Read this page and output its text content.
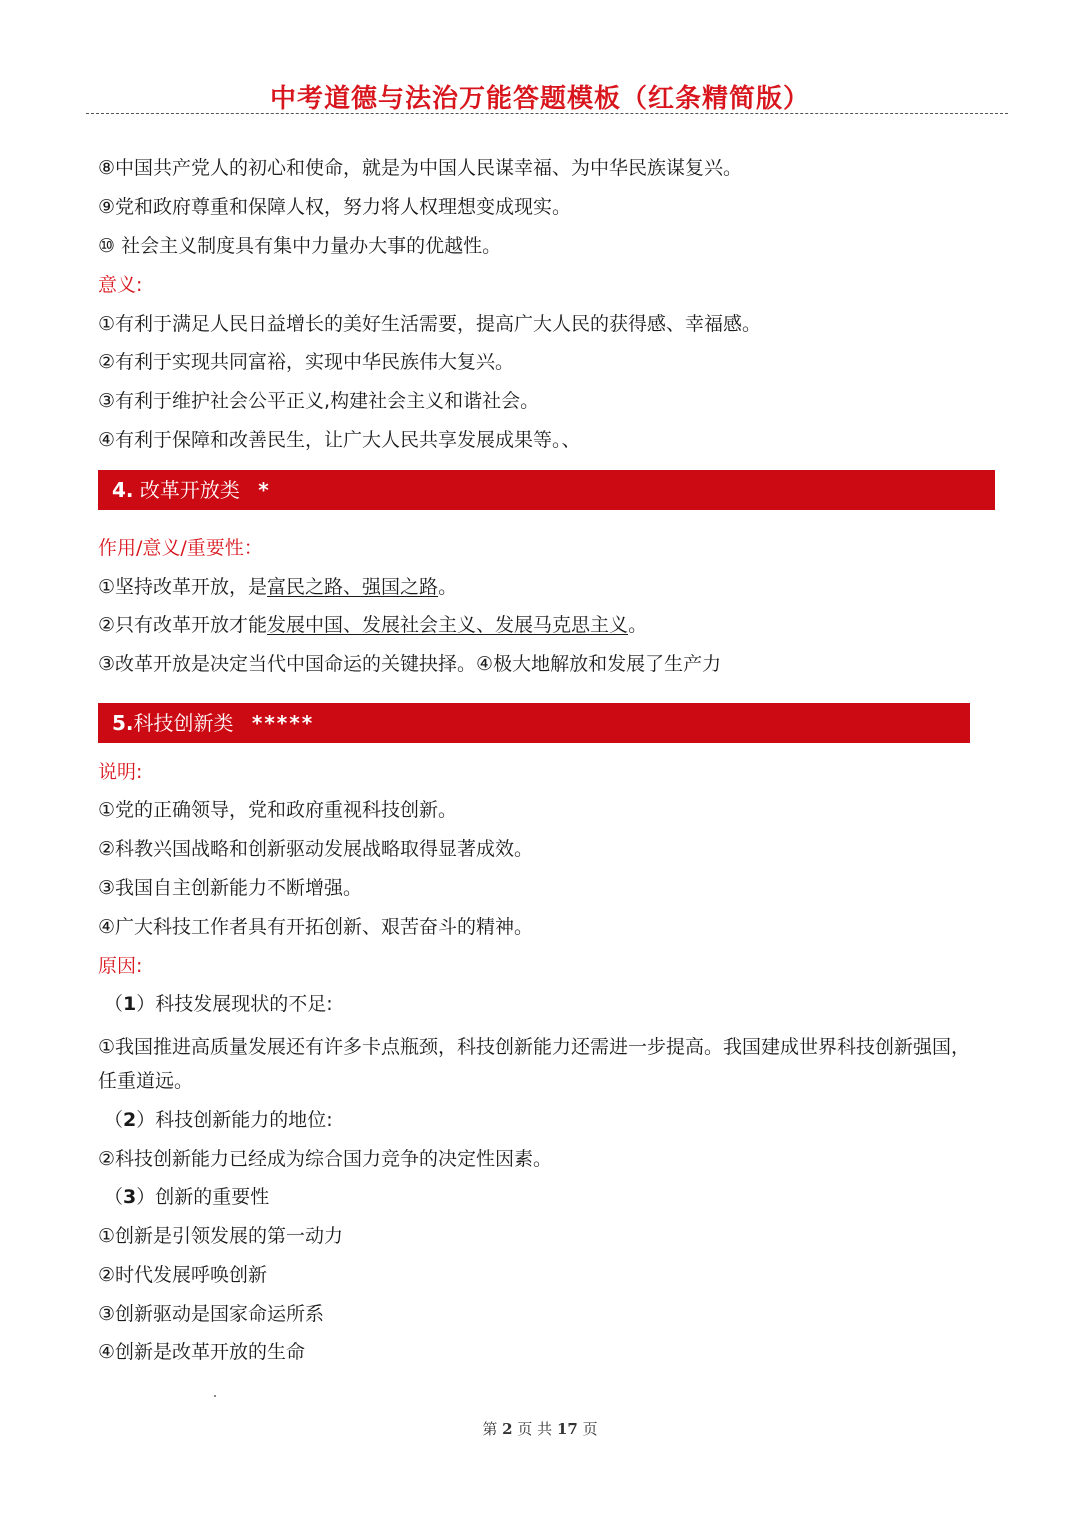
中考道德与法治万能答题模板（红条精简版）
⑧中国共产党人的初心和使命，就是为中国人民谋幸福、为中华民族谋复兴。
⑨党和政府尊重和保障人权，努力将人权理想变成现实。
⑩ 社会主义制度具有集中力量办大事的优越性。
意义:
①有利于满足人民日益增长的美好生活需要，提高广大人民的获得感、幸福感。
②有利于实现共同富裕，实现中华民族伟大复兴。
③有利于维护社会公平正义,构建社会主义和谐社会。
④有利于保障和改善民生，让广大人民共享发展成果等。、
4. 改革开放类 *
作用/意义/重要性：
①坚持改革开放，是富民之路、强国之路。
②只有改革开放才能发展中国、发展社会主义、发展马克思主义。
③改革开放是决定当代中国命运的关键抉择。④极大地解放和发展了生产力
5.科技创新类 *****
说明:
①党的正确领导，党和政府重视科技创新。
②科教兴国战略和创新驱动发展战略取得显著成效。
③我国自主创新能力不断增强。
④广大科技工作者具有开拓创新、艰苦奋斗的精神。
原因:
（1）科技发展现状的不足:
①我国推进高质量发展还有许多卡点瓶颈，科技创新能力还需进一步提高。我国建成世界科技创新强国，任重道远。
（2）科技创新能力的地位:
②科技创新能力已经成为综合国力竞争的决定性因素。
（3）创新的重要性
①创新是引领发展的第一动力
②时代发展呼唤创新
③创新驱动是国家命运所系
④创新是改革开放的生命
第 2 页 共 17 页
